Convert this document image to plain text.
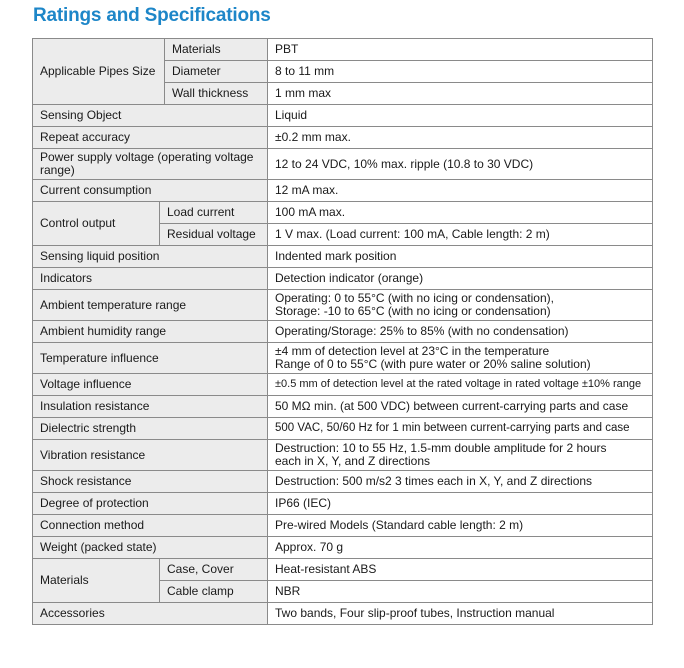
Ratings and Specifications
Applicable Pipes Size		Materials	PBT
		Diameter	8 to 11 mm
		Wall thickness	1 mm max
Sensing Object			Liquid
Repeat accuracy			±0.2 mm max.
Power supply voltage (operating voltage range)			12 to 24 VDC, 10% max. ripple (10.8 to 30 VDC)
Current consumption			12 mA max.
Control output	Load current		100 mA max.
	Residual voltage		1 V max. (Load current: 100 mA, Cable length: 2 m)
Sensing liquid position			Indented mark position
Indicators			Detection indicator (orange)
Ambient temperature range			Operating: 0 to 55°C (with no icing or condensation),
Storage: -10 to 65°C (with no icing or condensation)

Ambient humidity range			Operating/Storage: 25% to 85% (with no condensation)
Temperature influence			±4 mm of detection level at 23°C in the temperature
Range of 0 to 55°C (with pure water or 20% saline solution)

Voltage influence			±0.5 mm of detection level at the rated voltage in rated voltage ±10% range
Insulation resistance			50 MΩ min. (at 500 VDC) between current-carrying parts and case
Dielectric strength			500 VAC, 50/60 Hz for 1 min between current-carrying parts and case
Vibration resistance			Destruction: 10 to 55 Hz, 1.5-mm double amplitude for 2 hours
each in X, Y, and Z directions

Shock resistance			Destruction: 500 m/s2 3 times each in X, Y, and Z directions
Degree of protection			IP66 (IEC)
Connection method			Pre-wired Models (Standard cable length: 2 m)
Weight (packed state)			Approx. 70 g
Materials	Case, Cover		Heat-resistant ABS
	Cable clamp		NBR
Accessories			Two bands, Four slip-proof tubes, Instruction manual
